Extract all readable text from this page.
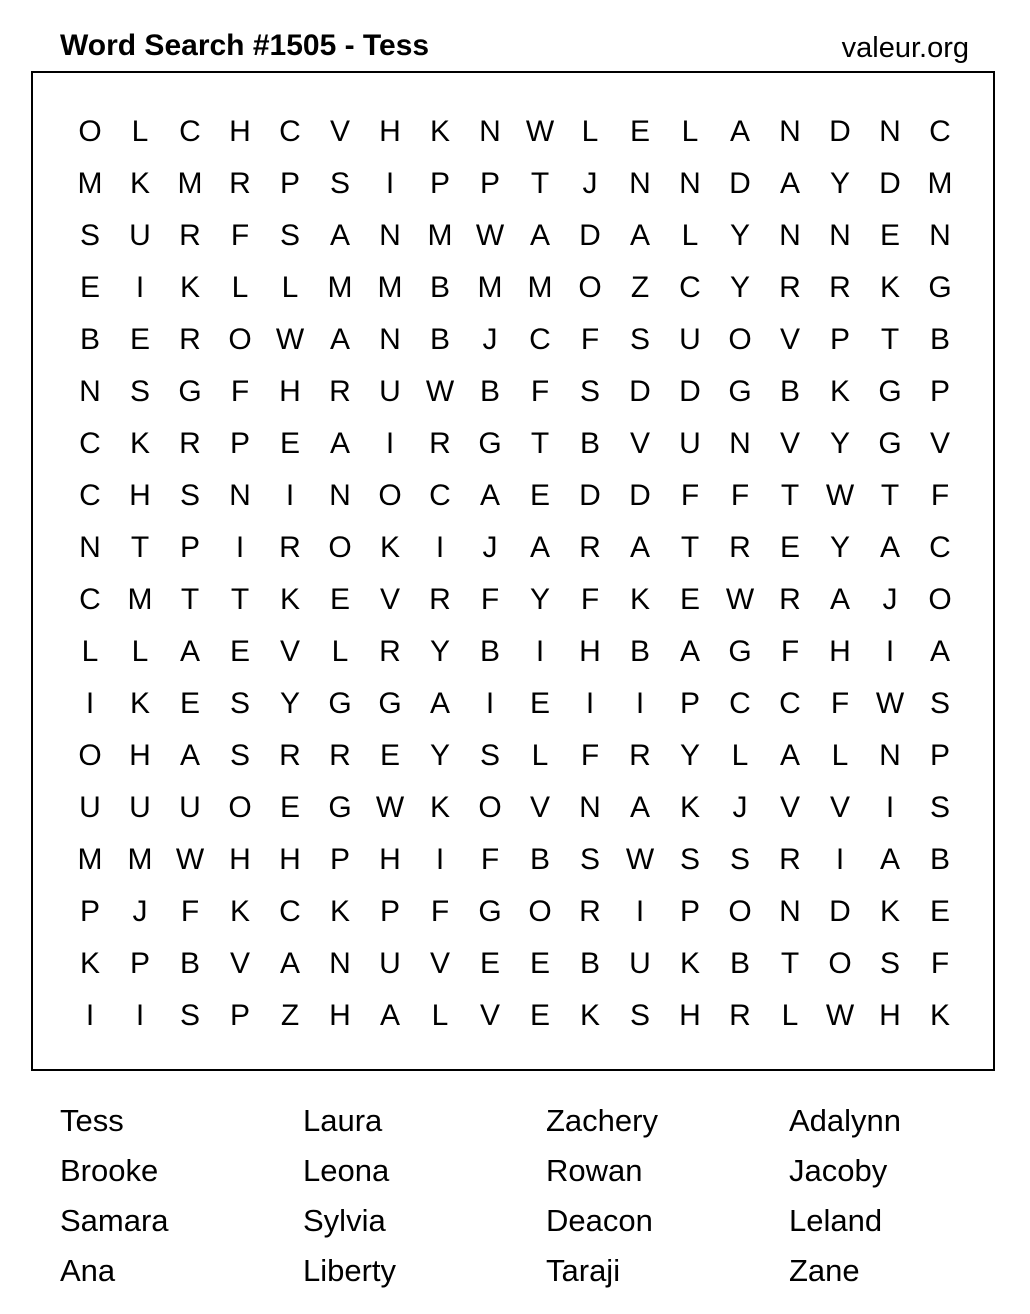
Word Search #1505 - Tess	valeur.org
O L	C H C V H K N W L	E	L	A N D N C
M K M R P S	I	P P	T	J	N N D A Y D M
S U R	F	S A N M W A D A	L	Y N N E N
E	I	K	L	L M M B M M O Z	C Y R R K G
B E R O W A N B	J	C	F	S U O V P	T	B
N S G F	H R U W B	F	S D D G B K G P
C K R P E A	I	R G T	B V U N V Y G V
C H S N	I	N O C A E D D	F	F	T W T	F
N	T	P	I	R O K	I	J	A R A	T	R E Y A C
C M T	T	K E V R	F	Y	F	K E W R A	J	O
L	L	A E V	L	R Y B	I	H B A G F	H	I	A
I	K E S Y G G A	I	E	I	I	P C C	F W S
O H A S R R E Y S	L	F	R Y	L	A	L	N P
U U U O E G W K O V N A K	J	V V	I	S
M M W H H P H	I	F	B S W S S R	I	A B
P	J	F	K C K P	F G O R	I	P O N D K E
K P B V A N U V E E B U K B	T O S	F
I	I	S P	Z	H A	L	V E K S H R	L W H K
Tess	Laura	Zachery	Adalynn
Brooke	Leona	Rowan	Jacoby
Samara	Sylvia	Deacon	Leland
Ana	Liberty	Taraji	Zane
